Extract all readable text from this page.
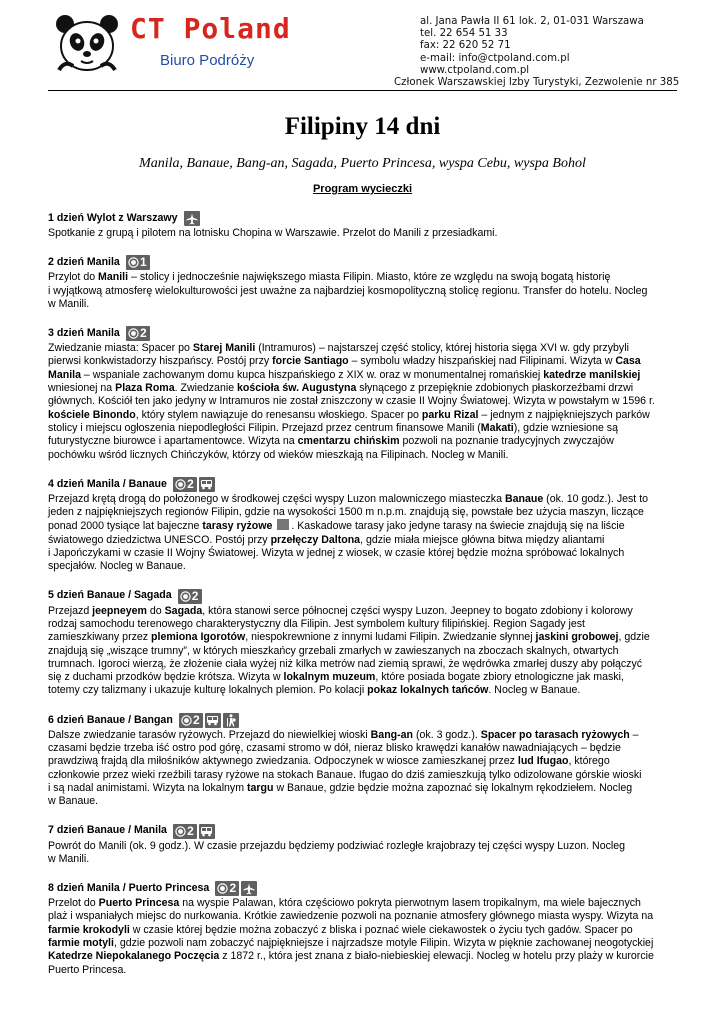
CT Poland
Biuro Podróży
al. Jana Pawła II 61 lok. 2, 01-031 Warszawa
tel. 22 654 51 33
fax: 22 620 52 71
e-mail: info@ctpoland.com.pl
www.ctpoland.com.pl
Członek Warszawskiej Izby Turystyki, Zezwolenie nr 385
Filipiny 14 dni
Manila, Banaue, Bang-an, Sagada, Puerto Princesa, wyspa Cebu, wyspa Bohol
Program wycieczki
1 dzień Wylot z Warszawy

Spotkanie z grupą i pilotem na lotnisku Chopina w Warszawie. Przelot do Manili z przesiadkami.

2 dzień Manila 1

Przylot do Manili – stolicy i jednocześnie największego miasta Filipin. Miasto, które ze względu na swoją bogatą historię
i wyjątkową atmosferę wielokulturowości jest uważne za najbardziej kosmopolityczną stolicę regionu. Transfer do hotelu. Nocleg
w Manili.

3 dzień Manila 2

Zwiedzanie miasta: Spacer po Starej Manili (Intramuros) – najstarszej część stolicy, której historia sięga XVI w. gdy przybyli
pierwsi konkwistadorzy hiszpańscy. Postój przy forcie Santiago – symbolu władzy hiszpańskiej nad Filipinami. Wizyta w Casa
Manila – wspaniale zachowanym domu kupca hiszpańskiego z XIX w. oraz w monumentalnej romańskiej katedrze manilskiej
wniesionej na Plaza Roma. Zwiedzanie kościoła św. Augustyna słynącego z przepięknie zdobionych płaskorzeźbami drzwi
głównych. Kościół ten jako jedyny w Intramuros nie został zniszczony w czasie II Wojny Światowej. Wizyta w powstałym w 1596 r.
kościele Binondo, który stylem nawiązuje do renesansu włoskiego. Spacer po parku Rizal – jednym z najpiękniejszych parków
stolicy i miejscu ogłoszenia niepodległości Filipin. Przejazd przez centrum finansowe Manili (Makati), gdzie wzniesione są
futurystyczne biurowce i apartamentowce. Wizyta na cmentarzu chińskim pozwoli na poznanie tradycyjnych zwyczajów
pochówku wśród licznych Chińczyków, którzy od wieków mieszkają na Filipinach. Nocleg w Manili.

4 dzień Manila / Banaue 2

Przejazd krętą drogą do położonego w środkowej części wyspy Luzon malowniczego miasteczka Banaue (ok. 10 godz.). Jest to
jeden z najpiękniejszych regionów Filipin, gdzie na wysokości 1500 m n.p.m. znajdują się, powstałe bez użycia maszyn, liczące
ponad 2000 tysiące lat bajeczne tarasy ryżowe . Kaskadowe tarasy jako jedyne tarasy na świecie znajdują się na liście
światowego dziedzictwa UNESCO. Postój przy przełęczy Daltona, gdzie miała miejsce główna bitwa między aliantami
i Japończykami w czasie II Wojny Światowej. Wizyta w jednej z wiosek, w czasie której będzie można spróbować lokalnych
specjałów. Nocleg w Banaue.

5 dzień Banaue / Sagada 2

Przejazd jeepneyem do Sagada, która stanowi serce północnej części wyspy Luzon. Jeepney to bogato zdobiony i kolorowy
rodzaj samochodu terenowego charakterystyczny dla Filipin. Jest symbolem kultury filipińskiej. Region Sagady jest
zamieszkiwany przez plemiona Igorotów, niespokrewnione z innymi ludami Filipin. Zwiedzanie słynnej jaskini grobowej, gdzie
znajdują się „wiszące trumny”, w których mieszkańcy grzebali zmarłych w zawieszanych na zboczach skalnych, otwartych
trumnach. Igoroci wierzą, że złożenie ciała wyżej niż kilka metrów nad ziemią sprawi, że wędrówka zmarłej duszy aby połączyć
się z duchami przodków będzie krótsza. Wizyta w lokalnym muzeum, które posiada bogate zbiory etnologiczne jak maski,
totemy czy talizmany i ukazuje kulturę lokalnych plemion. Po kolacji pokaz lokalnych tańców. Nocleg w Banaue.

6 dzień Banaue / Bangan 2

Dalsze zwiedzanie tarasów ryżowych. Przejazd do niewielkiej wioski Bang-an (ok. 3 godz.). Spacer po tarasach ryżowych –
czasami będzie trzeba iść ostro pod górę, czasami stromo w dół, nieraz blisko krawędzi kanałów nawadniających – będzie
prawdziwą frajdą dla miłośników aktywnego zwiedzania. Odpoczynek w wiosce zamieszkanej przez lud Ifugao, którego
członkowie przez wieki rzeźbili tarasy ryżowe na stokach Banaue. Ifugao do dziś zamieszkują tylko odizolowane górskie wioski
i są nadal animistami. Wizyta na lokalnym targu w Banaue, gdzie będzie można zapoznać się lokalnym rękodziełem. Nocleg
w Banaue.

7 dzień Banaue / Manila 2

Powrót do Manili (ok. 9 godz.). W czasie przejazdu będziemy podziwiać rozległe krajobrazy tej części wyspy Luzon. Nocleg
w Manili.

8 dzień Manila / Puerto Princesa 2

Przelot do Puerto Princesa na wyspie Palawan, która częściowo pokryta pierwotnym lasem tropikalnym, ma wiele bajecznych
plaż i wspaniałych miejsc do nurkowania. Krótkie zawiedzenie pozwoli na poznanie atmosfery głównego miasta wyspy. Wizyta na
farmie krokodyli w czasie której będzie można zobaczyć z bliska i poznać wiele ciekawostek o życiu tych gadów. Spacer po
farmie motyli, gdzie pozwoli nam zobaczyć najpiękniejsze i najrzadsze motyle Filipin. Wizyta w pięknie zachowanej neogotyckiej
Katedrze Niepokalanego Poczęcia z 1872 r., która jest znana z biało-niebieskiej elewacji. Nocleg w hotelu przy plaży w kurorcie
Puerto Princesa.
